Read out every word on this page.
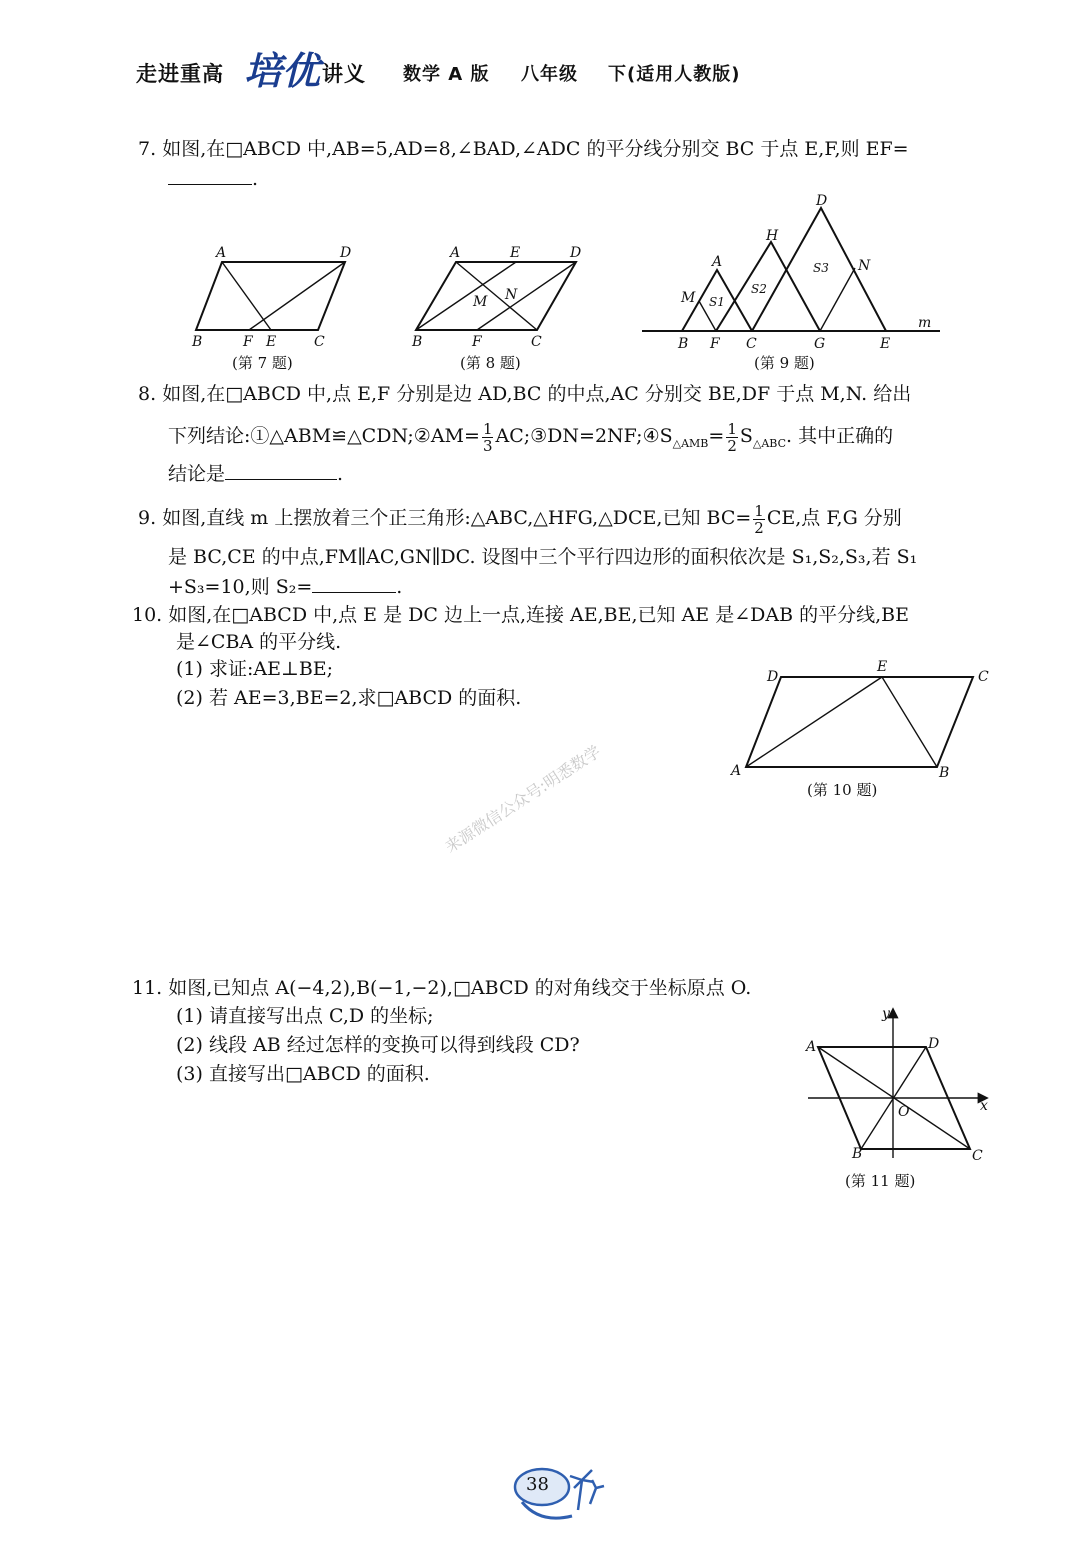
走进重高 培优 讲义 数学 A 版 八年级 下(适用人教版)
7. 如图,在□ABCD 中,AB=5,AD=8,∠BAD,∠ADC 的平分线分别交 BC 于点 E,F,则 EF=
.
A	D
B	F E	C
(第 7 题)
A	E	D
M N
B	F	C
(第 8 题)
A
H
D
M
N
S1
S2
S3
B F C	G	E
m
(第 9 题)
8. 如图,在□ABCD 中,点 E,F 分别是边 AD,BC 的中点,AC 分别交 BE,DF 于点 M,N. 给出
下列结论:①△ABM≌△CDN;②AM= $\frac{1}{3}$ $AC;③DN=2NF;④S_{\triangle AMB}= \frac{1}{2} S_{\triangle ABC}$. 其中正确的
结论是	.
9. 如图,直线 m 上摆放着三个正三角形:△ABC,△HFG,△DCE,已知 $BC= \frac{1}{2}$ CE,点 F,G 分别
是 BC,CE 的中点,FM∥AC,GN∥DC. 设图中三个平行四边形的面积依次是 S₁,S₂,S₃,若 S₁
+S₃=10,则 S₂=	.
10. 如图,在□ABCD 中,点 E 是 DC 边上一点,连接 AE,BE,已知 AE 是∠DAB 的平分线,BE
是∠CBA 的平分线.
(1) 求证:AE⊥BE;
(2) 若 AE=3,BE=2,求□ABCD 的面积.
D
E
C
A	B
(第 10 题)
来源微信公众号:明悉数学
11. 如图,已知点 A(−4,2),B(−1,−2),□ABCD 的对角线交于坐标原点 O.
(1) 请直接写出点 C,D 的坐标;
(2) 线段 AB 经过怎样的变换可以得到线段 CD?
(3) 直接写出□ABCD 的面积.
A	D
B	C
O	x
y
(第 11 题)
38
